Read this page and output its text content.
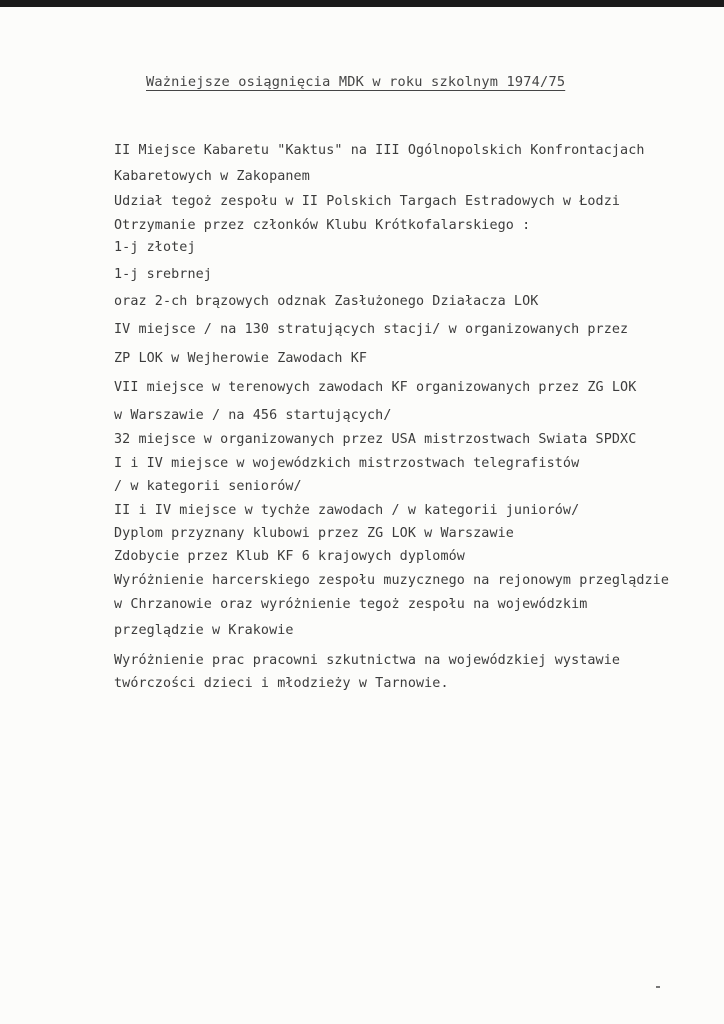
Ważniejsze osiągnięcia MDK w roku szkolnym 1974/75
II Miejsce Kabaretu "Kaktus" na III Ogólnopolskich Konfrontacjach
Kabaretowych w Zakopanem
Udział tegoż zespołu w II Polskich Targach Estradowych w Łodzi
Otrzymanie przez członków Klubu Krótkofalarskiego :
1-j złotej
1-j srebrnej
oraz 2-ch brązowych odznak Zasłużonego Działacza LOK
IV miejsce / na 130 stratujących stacji/ w organizowanych przez
ZP LOK w Wejherowie Zawodach KF
VII miejsce w terenowych zawodach KF organizowanych przez ZG LOK
w Warszawie / na 456 startujących/
32 miejsce w organizowanych przez USA mistrzostwach Swiata SPDXC
I i IV miejsce w wojewódzkich mistrzostwach telegrafistów
/ w kategorii seniorów/
II i IV miejsce w tychże zawodach / w kategorii juniorów/
Dyplom przyznany klubowi przez ZG LOK w Warszawie
Zdobycie przez Klub KF 6 krajowych dyplomów
Wyróżnienie harcerskiego zespołu muzycznego na rejonowym przeglądzie
w Chrzanowie oraz wyróżnienie tegoż zespołu na wojewódzkim
przeglądzie w Krakowie
Wyróżnienie prac pracowni szkutnictwa na wojewódzkiej wystawie
twórczości dzieci i młodzieży w Tarnowie.
